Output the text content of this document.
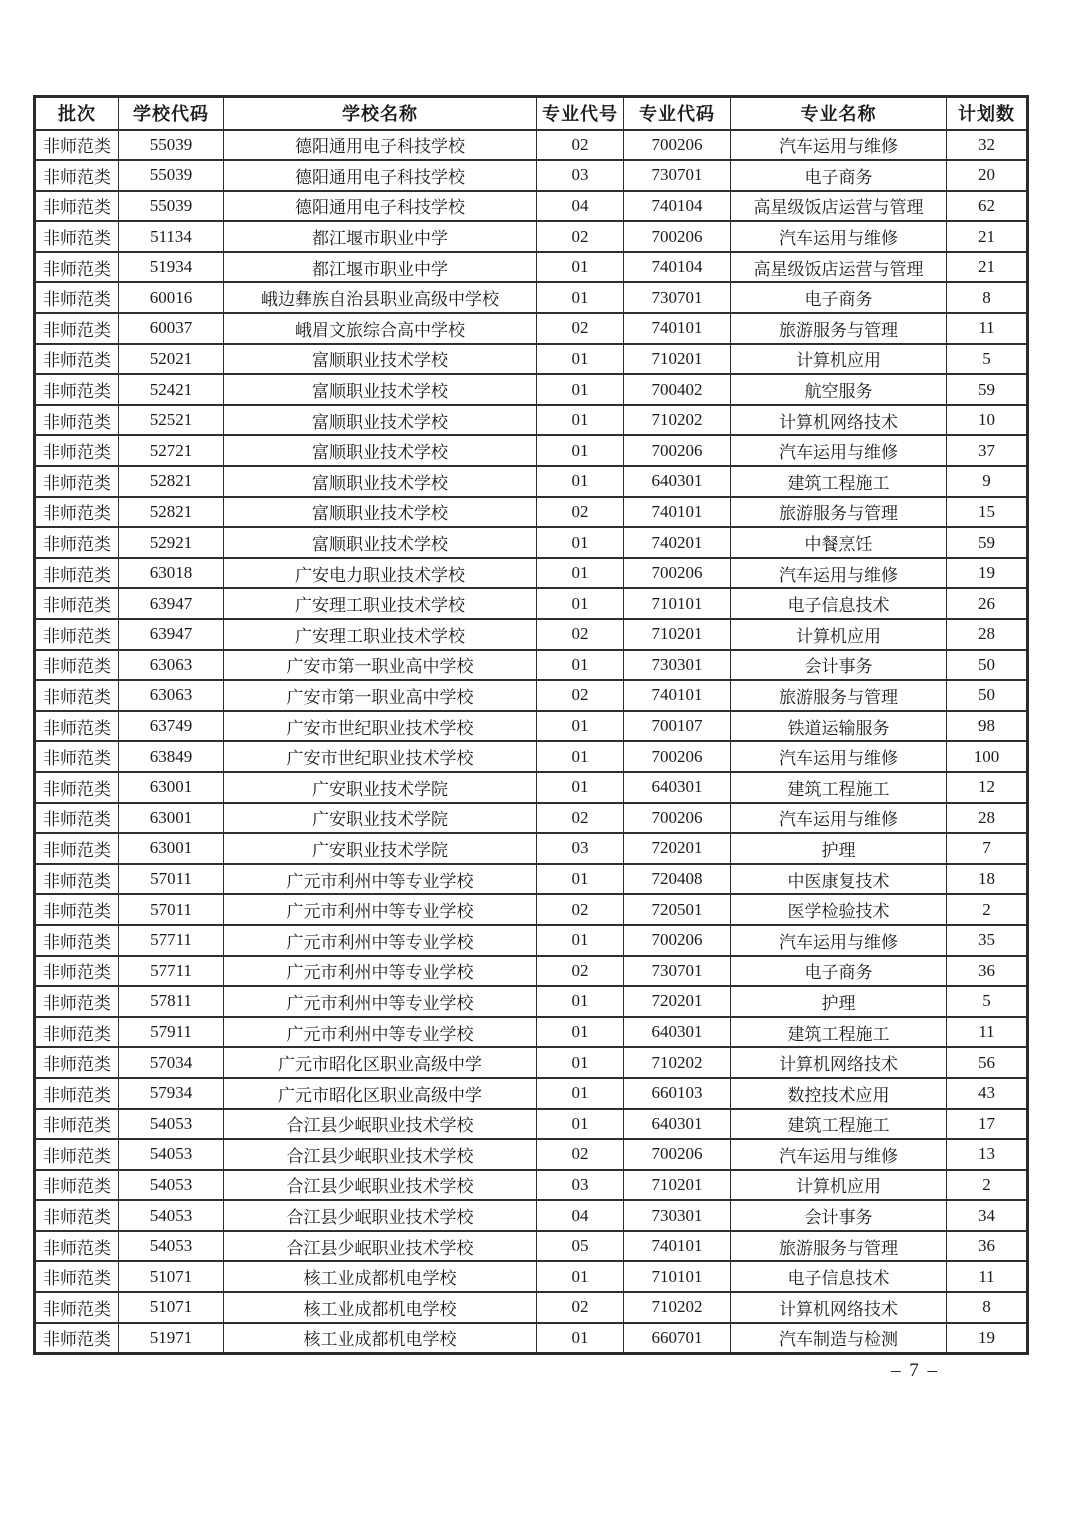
批次	学校代码	学校名称	专业代号	专业代码	专业名称	计划数
非师范类	55039	德阳通用电子科技学校	02	700206	汽车运用与维修	32
非师范类	55039	德阳通用电子科技学校	03	730701	电子商务	20
非师范类	55039	德阳通用电子科技学校	04	740104	高星级饭店运营与管理	62
非师范类	51134	都江堰市职业中学	02	700206	汽车运用与维修	21
非师范类	51934	都江堰市职业中学	01	740104	高星级饭店运营与管理	21
非师范类	60016	峨边彝族自治县职业高级中学校	01	730701	电子商务	8
非师范类	60037	峨眉文旅综合高中学校	02	740101	旅游服务与管理	11
非师范类	52021	富顺职业技术学校	01	710201	计算机应用	5
非师范类	52421	富顺职业技术学校	01	700402	航空服务	59
非师范类	52521	富顺职业技术学校	01	710202	计算机网络技术	10
非师范类	52721	富顺职业技术学校	01	700206	汽车运用与维修	37
非师范类	52821	富顺职业技术学校	01	640301	建筑工程施工	9
非师范类	52821	富顺职业技术学校	02	740101	旅游服务与管理	15
非师范类	52921	富顺职业技术学校	01	740201	中餐烹饪	59
非师范类	63018	广安电力职业技术学校	01	700206	汽车运用与维修	19
非师范类	63947	广安理工职业技术学校	01	710101	电子信息技术	26
非师范类	63947	广安理工职业技术学校	02	710201	计算机应用	28
非师范类	63063	广安市第一职业高中学校	01	730301	会计事务	50
非师范类	63063	广安市第一职业高中学校	02	740101	旅游服务与管理	50
非师范类	63749	广安市世纪职业技术学校	01	700107	铁道运输服务	98
非师范类	63849	广安市世纪职业技术学校	01	700206	汽车运用与维修	100
非师范类	63001	广安职业技术学院	01	640301	建筑工程施工	12
非师范类	63001	广安职业技术学院	02	700206	汽车运用与维修	28
非师范类	63001	广安职业技术学院	03	720201	护理	7
非师范类	57011	广元市利州中等专业学校	01	720408	中医康复技术	18
非师范类	57011	广元市利州中等专业学校	02	720501	医学检验技术	2
非师范类	57711	广元市利州中等专业学校	01	700206	汽车运用与维修	35
非师范类	57711	广元市利州中等专业学校	02	730701	电子商务	36
非师范类	57811	广元市利州中等专业学校	01	720201	护理	5
非师范类	57911	广元市利州中等专业学校	01	640301	建筑工程施工	11
非师范类	57034	广元市昭化区职业高级中学	01	710202	计算机网络技术	56
非师范类	57934	广元市昭化区职业高级中学	01	660103	数控技术应用	43
非师范类	54053	合江县少岷职业技术学校	01	640301	建筑工程施工	17
非师范类	54053	合江县少岷职业技术学校	02	700206	汽车运用与维修	13
非师范类	54053	合江县少岷职业技术学校	03	710201	计算机应用	2
非师范类	54053	合江县少岷职业技术学校	04	730301	会计事务	34
非师范类	54053	合江县少岷职业技术学校	05	740101	旅游服务与管理	36
非师范类	51071	核工业成都机电学校	01	710101	电子信息技术	11
非师范类	51071	核工业成都机电学校	02	710202	计算机网络技术	8
非师范类	51971	核工业成都机电学校	01	660701	汽车制造与检测	19
– 7 –
